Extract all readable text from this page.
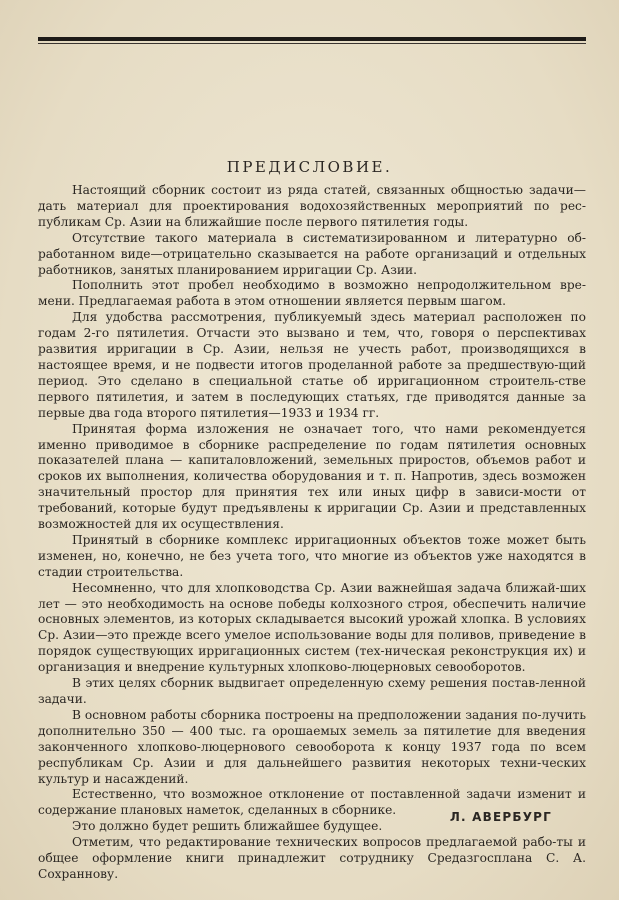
ПРЕДИСЛОВИЕ.

Настоящий сборник состоит из ряда статей, связанных общностью задачи— дать материал для проектирования водохозяйственных мероприятий по рес-публикам Ср. Азии на ближайшие после первого пятилетия годы.

Отсутствие такого материала в систематизированном и литературно об-работанном виде—отрицательно сказывается на работе организаций и отдельных работников, занятых планированием ирригации Ср. Азии.

Пополнить этот пробел необходимо в возможно непродолжительном вре-мени. Предлагаемая работа в этом отношении является первым шагом.

Для удобства рассмотрения, публикуемый здесь материал расположен по годам 2-го пятилетия. Отчасти это вызвано и тем, что, говоря о перспективах развития ирригации в Ср. Азии, нельзя не учесть работ, производящихся в настоящее время, и не подвести итогов проделанной работе за предшествую-щий период. Это сделано в специальной статье об ирригационном строитель-стве первого пятилетия, и затем в последующих статьях, где приводятся данные за первые два года второго пятилетия—1933 и 1934 гг.

Принятая форма изложения не означает того, что нами рекомендуется именно приводимое в сборнике распределение по годам пятилетия основных показателей плана — капиталовложений, земельных приростов, объемов работ и сроков их выполнения, количества оборудования и т. п. Напротив, здесь возможен значительный простор для принятия тех или иных цифр в зависи-мости от требований, которые будут предъявлены к ирригации Ср. Азии и представленных возможностей для их осуществления.

Принятый в сборнике комплекс ирригационных объектов тоже может быть изменен, но, конечно, не без учета того, что многие из объектов уже находятся в стадии строительства.

Несомненно, что для хлопководства Ср. Азии важнейшая задача ближай-ших лет — это необходимость на основе победы колхозного строя, обеспечить наличие основных элементов, из которых складывается высокий урожай хлопка. В условиях Ср. Азии—это прежде всего умелое использование воды для поливов, приведение в порядок существующих ирригационных систем (тех-ническая реконструкция их) и организация и внедрение культурных хлопково-люцерновых севооборотов.

В этих целях сборник выдвигает определенную схему решения постав-ленной задачи.

В основном работы сборника построены на предположении задания по-лучить дополнительно 350 — 400 тыс. га орошаемых земель за пятилетие для введения законченного хлопково-люцернового севооборота к концу 1937 года по всем республикам Ср. Азии и для дальнейшего развития некоторых техни-ческих культур и насаждений.

Естественно, что возможное отклонение от поставленной задачи изменит и содержание плановых наметок, сделанных в сборнике.

Это должно будет решить ближайшее будущее.

Отметим, что редактирование технических вопросов предлагаемой рабо-ты и общее оформление книги принадлежит сотруднику Средазгосплана С. А. Сохраннову.

Л. АВЕРБУРГ
